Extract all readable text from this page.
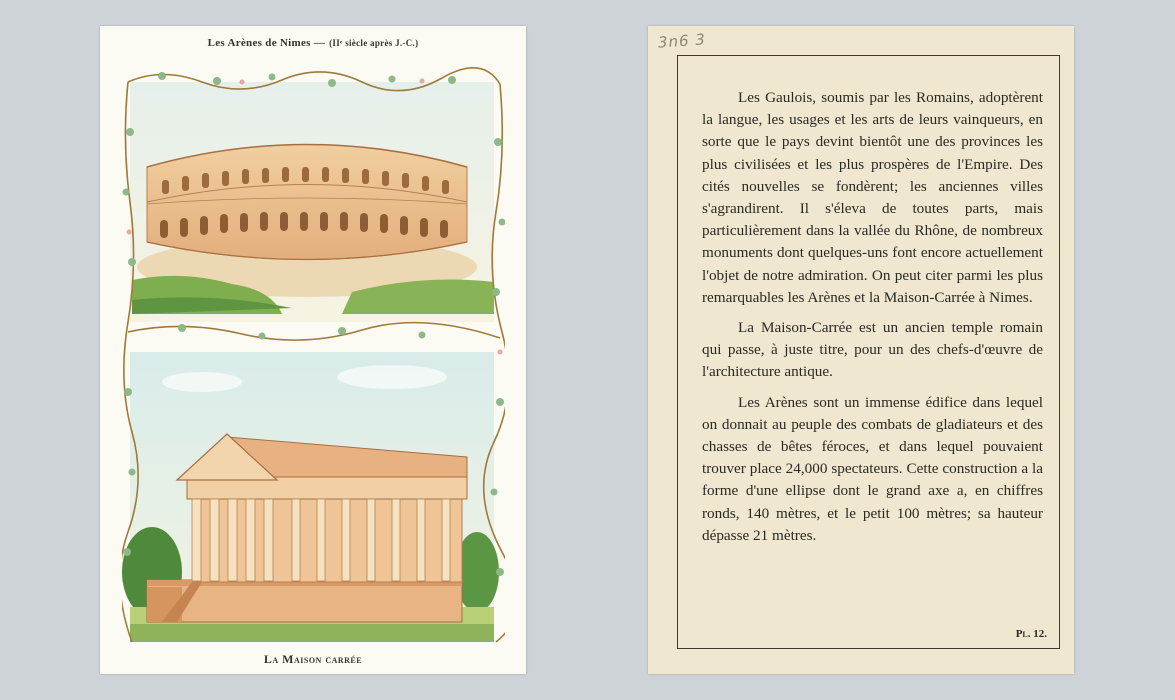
Les Arènes de Nimes — (IIᵉ siècle après J.-C.)
La Maison carrée
3n6 3

Les Gaulois, soumis par les Romains, adoptèrent la langue, les usages et les arts de leurs vainqueurs, en sorte que le pays devint bientôt une des provinces les plus civilisées et les plus prospères de l'Empire. Des cités nouvelles se fondèrent; les anciennes villes s'agrandirent. Il s'éleva de toutes parts, mais particulièrement dans la vallée du Rhône, de nombreux monuments dont quelques-uns font encore actuellement l'objet de notre admiration. On peut citer parmi les plus remarquables les Arènes et la Maison-Carrée à Nimes.

La Maison-Carrée est un ancien temple romain qui passe, à juste titre, pour un des chefs-d'œuvre de l'architecture antique.

Les Arènes sont un immense édifice dans lequel on donnait au peuple des combats de gladiateurs et des chasses de bêtes féroces, et dans lequel pouvaient trouver place 24,000 spectateurs. Cette construction a la forme d'une ellipse dont le grand axe a, en chiffres ronds, 140 mètres, et le petit 100 mètres; sa hauteur dépasse 21 mètres.

Pl. 12.
